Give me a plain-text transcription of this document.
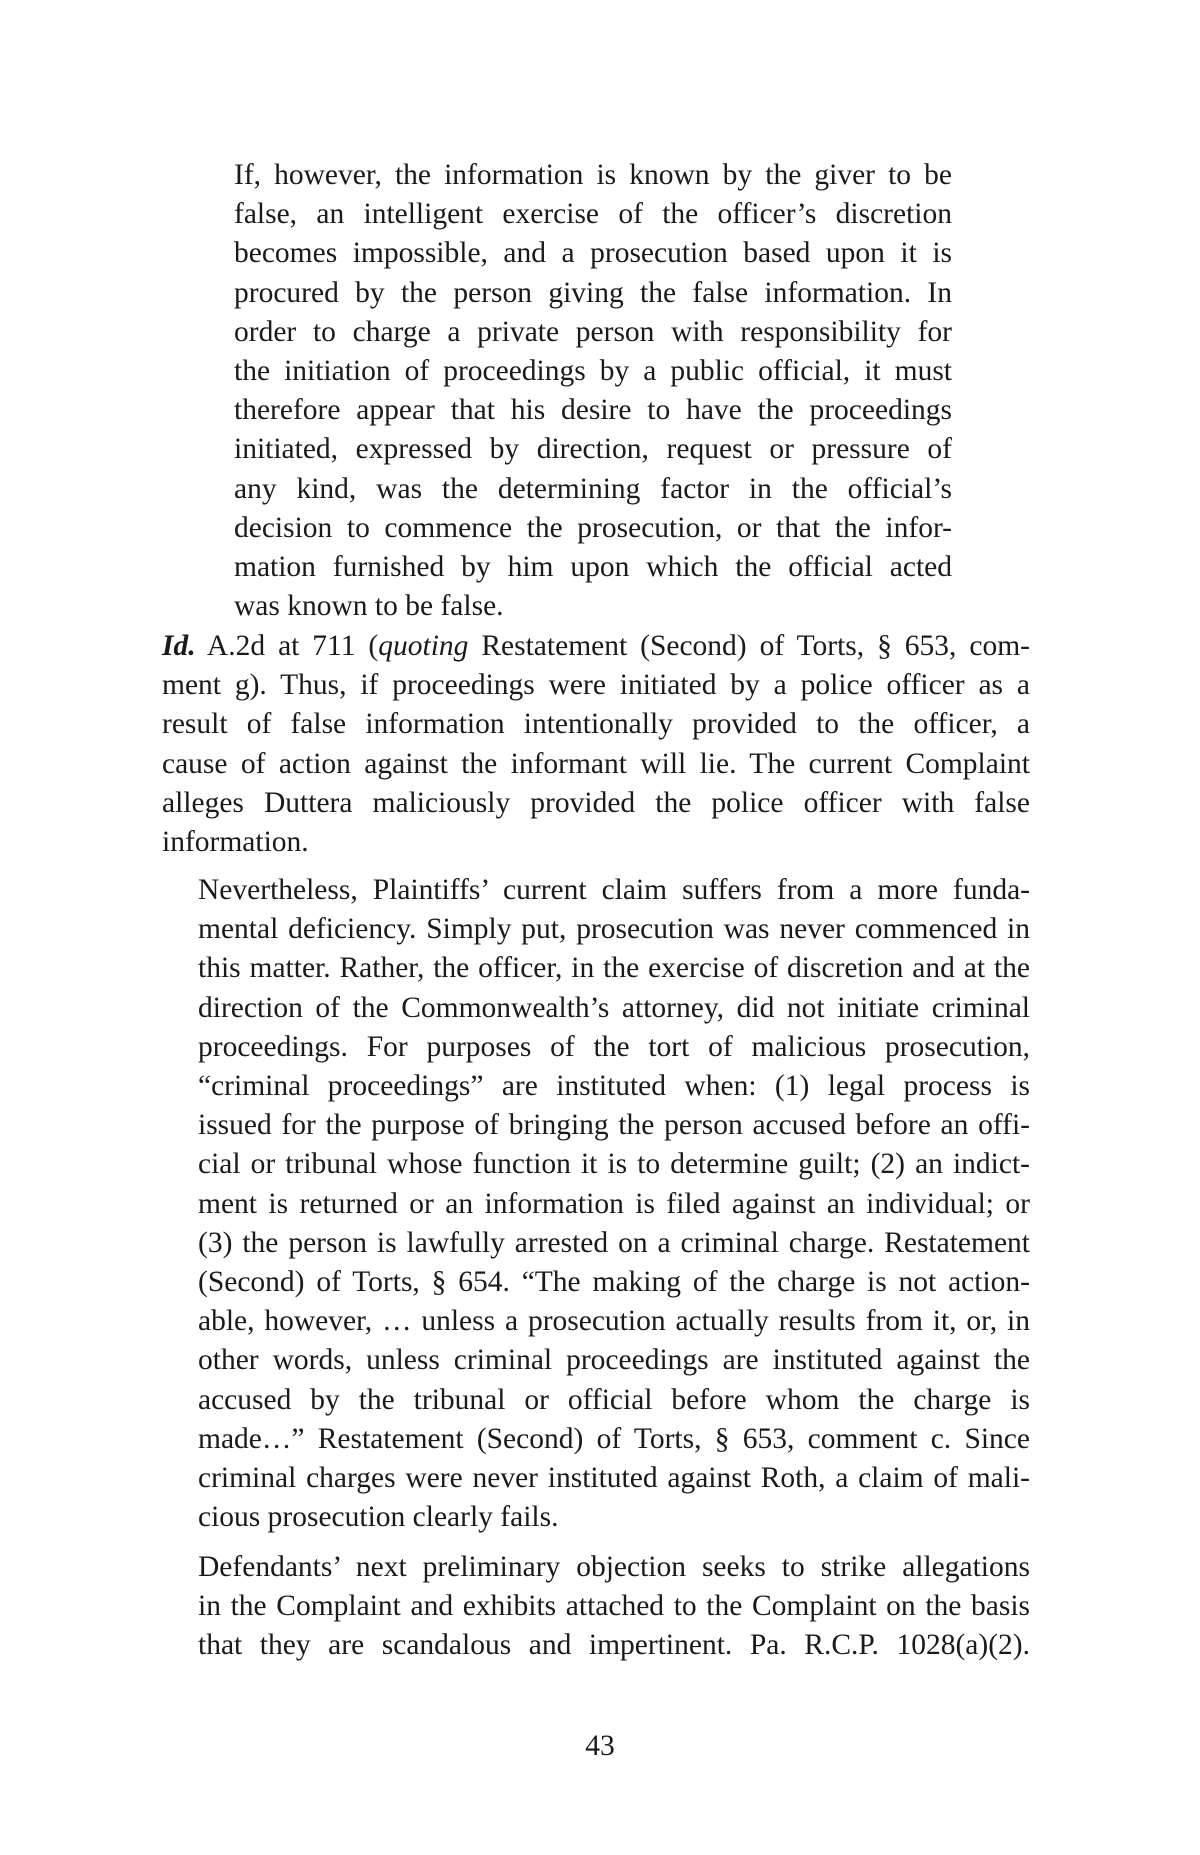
If, however, the information is known by the giver to be
false, an intelligent exercise of the officer’s discretion
becomes impossible, and a prosecution based upon it is
procured by the person giving the false information. In
order to charge a private person with responsibility for
the initiation of proceedings by a public official, it must
therefore appear that his desire to have the proceedings
initiated, expressed by direction, request or pressure of
any kind, was the determining factor in the official’s
decision to commence the prosecution, or that the infor-
mation furnished by him upon which the official acted
was known to be false.
Id. A.2d at 711 (quoting Restatement (Second) of Torts, § 653, com-
ment g). Thus, if proceedings were initiated by a police officer as a
result of false information intentionally provided to the officer, a
cause of action against the informant will lie. The current Complaint
alleges Duttera maliciously provided the police officer with false
information.
Nevertheless, Plaintiffs’ current claim suffers from a more funda-
mental deficiency. Simply put, prosecution was never commenced in
this matter. Rather, the officer, in the exercise of discretion and at the
direction of the Commonwealth’s attorney, did not initiate criminal
proceedings. For purposes of the tort of malicious prosecution,
“criminal proceedings” are instituted when: (1) legal process is
issued for the purpose of bringing the person accused before an offi-
cial or tribunal whose function it is to determine guilt; (2) an indict-
ment is returned or an information is filed against an individual; or
(3) the person is lawfully arrested on a criminal charge. Restatement
(Second) of Torts, § 654. “The making of the charge is not action-
able, however, … unless a prosecution actually results from it, or, in
other words, unless criminal proceedings are instituted against the
accused by the tribunal or official before whom the charge is
made…” Restatement (Second) of Torts, § 653, comment c. Since
criminal charges were never instituted against Roth, a claim of mali-
cious prosecution clearly fails.
Defendants’ next preliminary objection seeks to strike allegations
in the Complaint and exhibits attached to the Complaint on the basis
that they are scandalous and impertinent. Pa. R.C.P. 1028(a)(2).
43
